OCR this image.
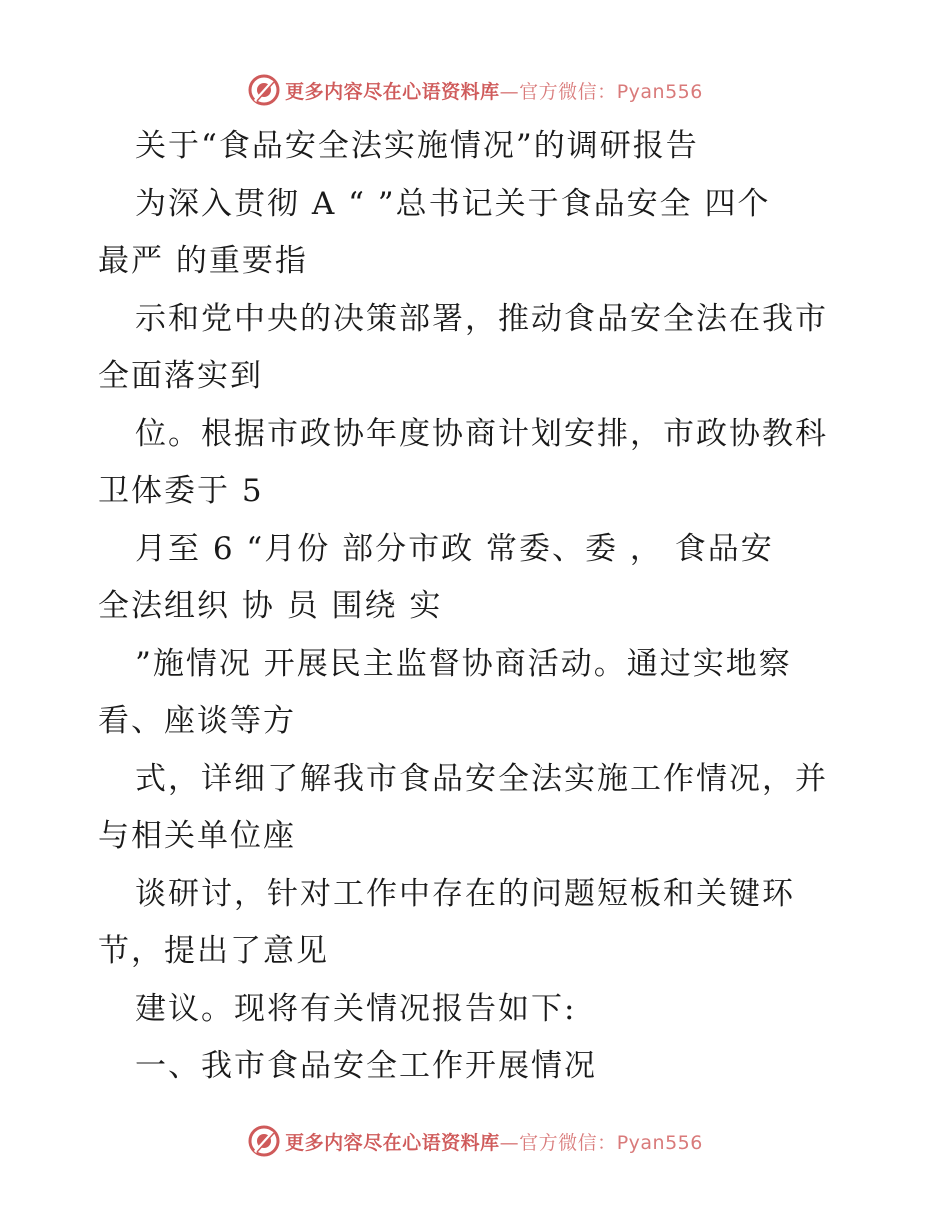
更多内容尽在心语资料库—官方微信：Pyan556
关于“食品安全法实施情况”的调研报告
为深入贯彻 A “ ”总书记关于食品安全 四个
最严 的重要指
示和党中央的决策部署，推动食品安全法在我市
全面落实到
位。根据市政协年度协商计划安排，市政协教科
卫体委于 5
月至 6 “月份 部分市政 常委、委 ， 食品安
全法组织 协 员 围绕 实
”施情况 开展民主监督协商活动。通过实地察
看、座谈等方
式，详细了解我市食品安全法实施工作情况，并
与相关单位座
谈研讨，针对工作中存在的问题短板和关键环
节，提出了意见
建议。现将有关情况报告如下:
一、我市食品安全工作开展情况
更多内容尽在心语资料库—官方微信：Pyan556
